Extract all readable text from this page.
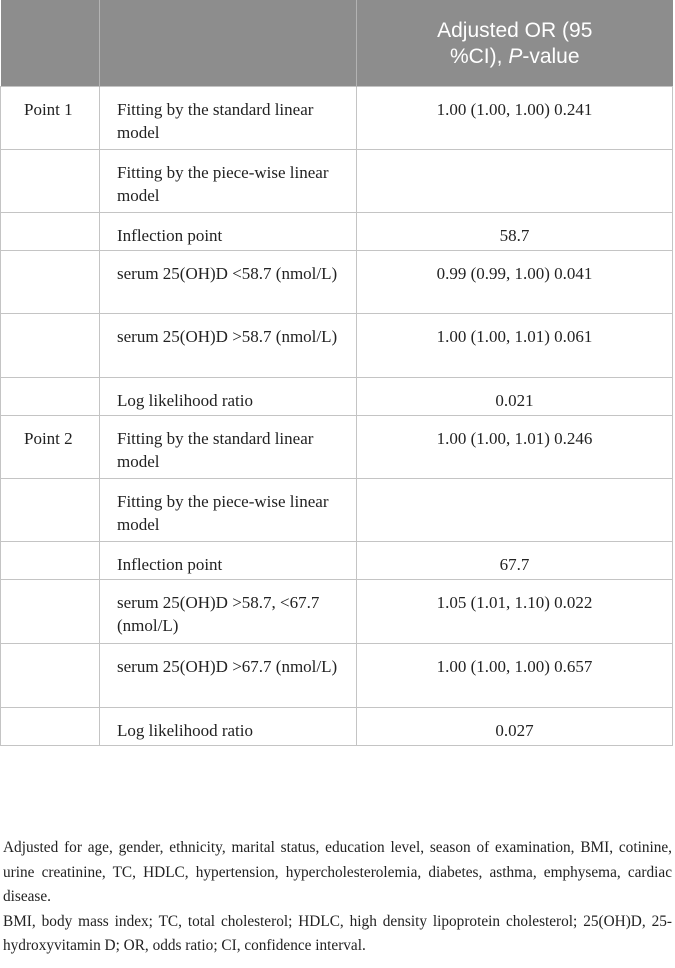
		Adjusted OR (95
%CI), P-value
Point 1	Fitting by the standard linear model	1.00 (1.00, 1.00) 0.241
	Fitting by the piece-wise linear model	
	Inflection point	58.7
	serum 25(OH)D <58.7 (nmol/L)	0.99 (0.99, 1.00) 0.041
	serum 25(OH)D >58.7 (nmol/L)	1.00 (1.00, 1.01) 0.061
	Log likelihood ratio	0.021
Point 2	Fitting by the standard linear model	1.00 (1.00, 1.01) 0.246
	Fitting by the piece-wise linear model	
	Inflection point	67.7
	serum 25(OH)D >58.7, <67.7 (nmol/L)	1.05 (1.01, 1.10) 0.022
	serum 25(OH)D >67.7 (nmol/L)	1.00 (1.00, 1.00) 0.657
	Log likelihood ratio	0.027

Adjusted for age, gender, ethnicity, marital status, education level, season of examination, BMI, cotinine, urine creatinine, TC, HDLC, hypertension, hypercholesterolemia, diabetes, asthma, emphysema, cardiac disease.

BMI, body mass index; TC, total cholesterol; HDLC, high density lipoprotein cholesterol; 25(OH)D, 25-hydroxyvitamin D; OR, odds ratio; CI, confidence interval.
